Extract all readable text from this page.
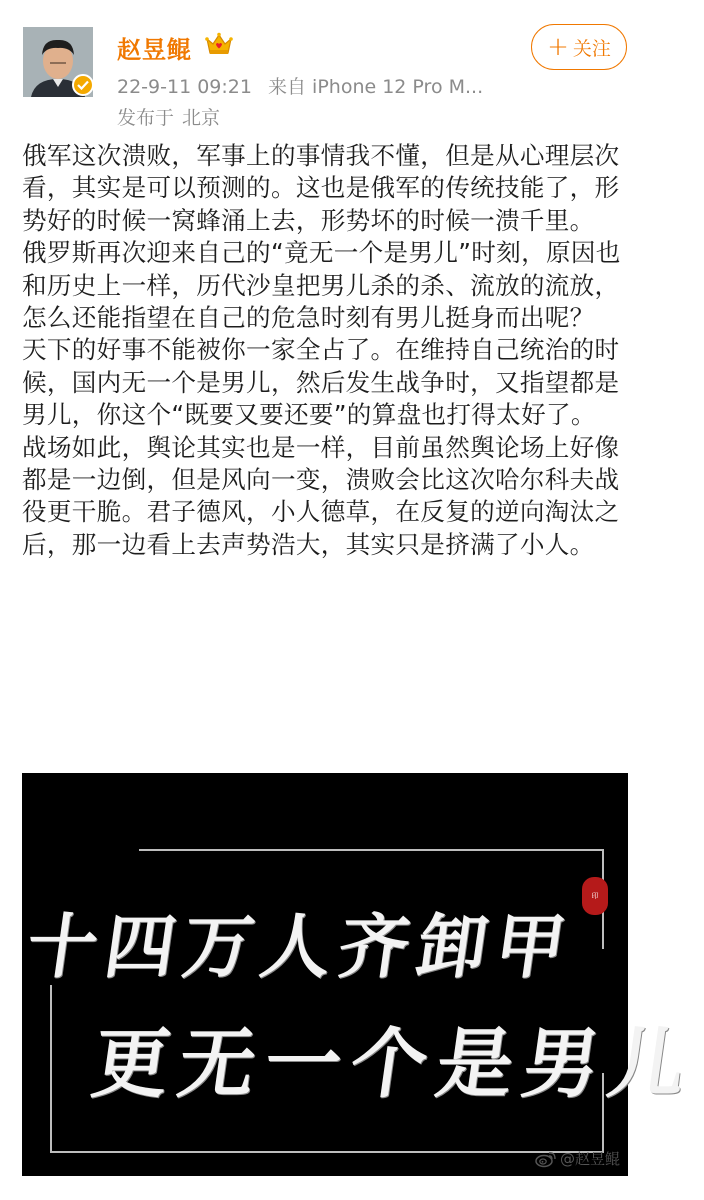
赵昱鲲
22-9-11 09:21 来自 iPhone 12 Pro M...
发布于 北京
+ 关注

俄军这次溃败，军事上的事情我不懂，但是从心理层次看，其实是可以预测的。这也是俄军的传统技能了，形势好的时候一窝蜂涌上去，形势坏的时候一溃千里。

俄罗斯再次迎来自己的“竟无一个是男儿”时刻，原因也和历史上一样，历代沙皇把男儿杀的杀、流放的流放，怎么还能指望在自己的危急时刻有男儿挺身而出呢？

天下的好事不能被你一家全占了。在维持自己统治的时候，国内无一个是男儿，然后发生战争时，又指望都是男儿，你这个“既要又要还要”的算盘也打得太好了。

战场如此，舆论其实也是一样，目前虽然舆论场上好像都是一边倒，但是风向一变，溃败会比这次哈尔科夫战役更干脆。君子德风，小人德草，在反复的逆向淘汰之后，那一边看上去声势浩大，其实只是挤满了小人。

印
十四万人齐卸甲
更无一个是男儿
@赵昱鲲
